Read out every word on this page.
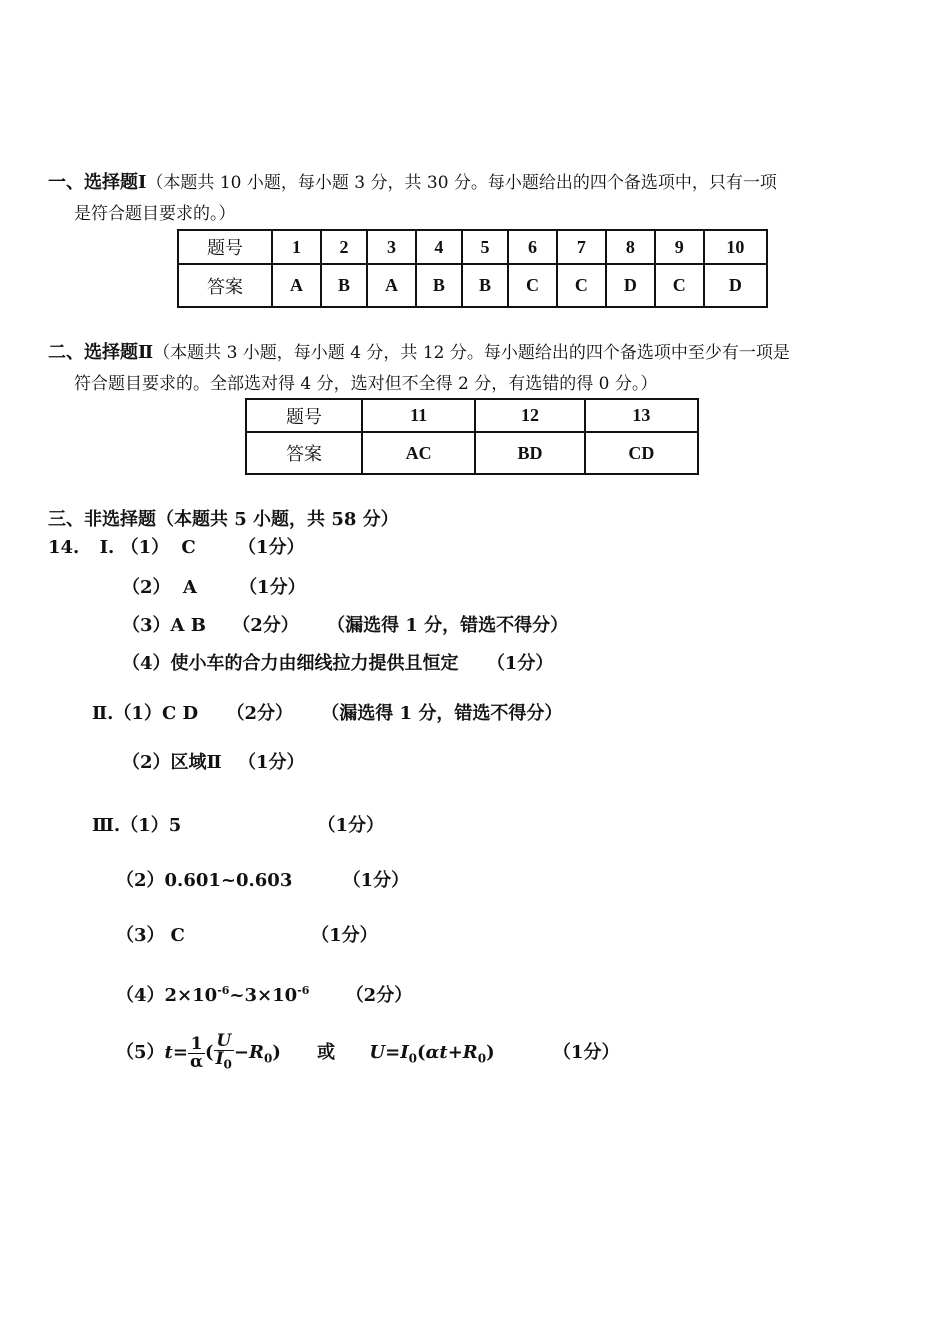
一、选择题Ⅰ（本题共 10 小题，每小题 3 分，共 30 分。每小题给出的四个备选项中，只有一项
是符合题目要求的。）
题号	1	2	3	4	5	6	7	8	9	10
答案	A	B	A	B	B	C	C	D	C	D
二、选择题Ⅱ（本题共 3 小题，每小题 4 分，共 12 分。每小题给出的四个备选项中至少有一项是
符合题目要求的。全部选对得 4 分，选对但不全得 2 分，有选错的得 0 分。）
题号	11	12	13
答案	AC	BD	CD
三、非选择题（本题共 5 小题，共 58 分）
14. Ⅰ. （1） C （1分）
（2） A （1分）
（3）A B （2分） （漏选得 1 分，错选不得分）
（4）使小车的合力由细线拉力提供且恒定 （1分）
Ⅱ.（1）C D （2分） （漏选得 1 分，错选不得分）
（2）区域Ⅱ （1分）
Ⅲ.（1）5	（1分）
（2）0.601~0.603	（1分）
（3） C	（1分）
$(4)2\times 10^{-6}\sim 3\times 10^{-6}$ （2分）
$(5)t= \frac{1}{\alpha}$ ( $\frac{U}{I_0} -R_0$) 或 $U=I_0(\alpha t+R_0)$	（1分）
